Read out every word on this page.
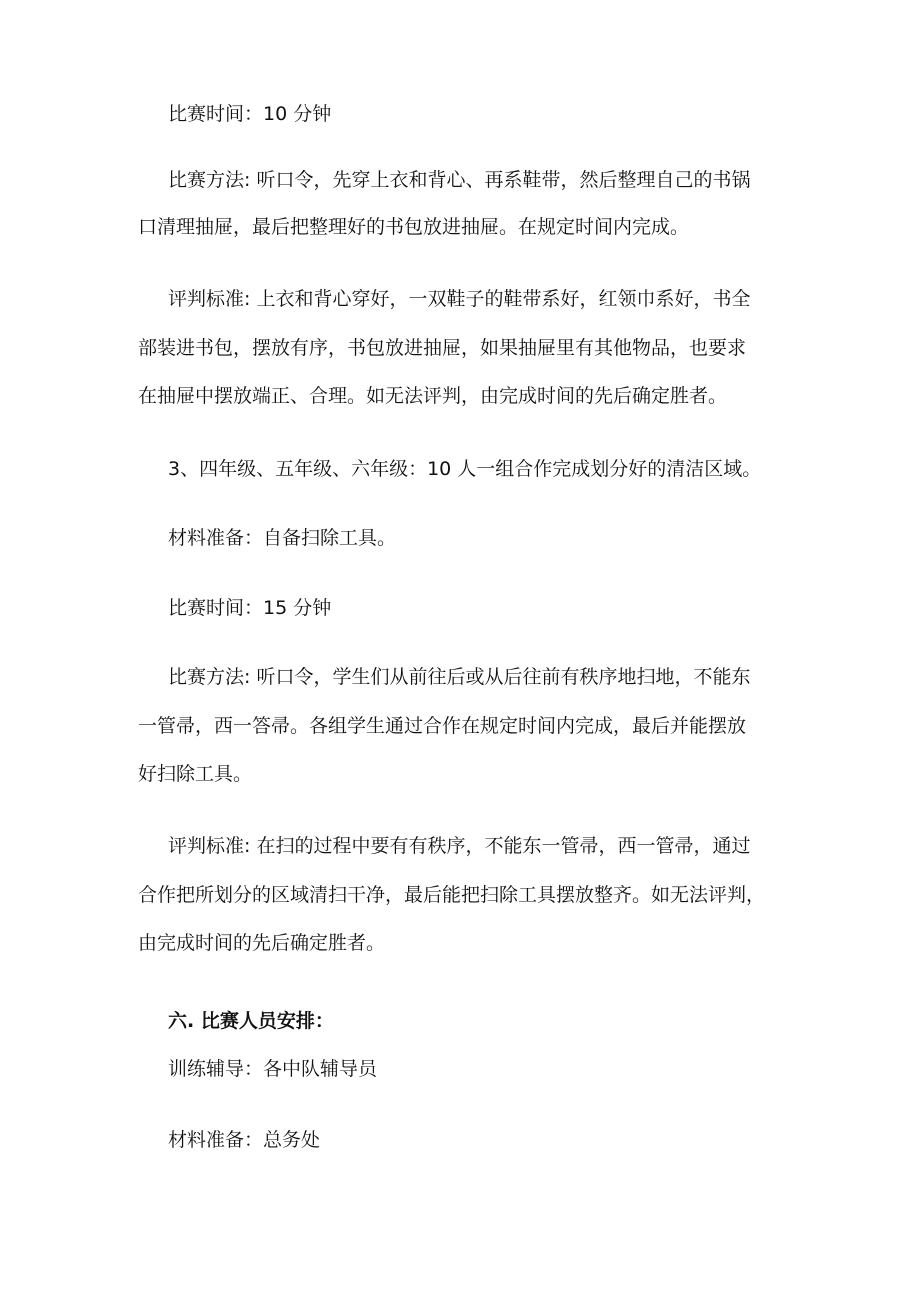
比赛时间：10 分钟
比赛方法: 听口令，先穿上衣和背心、再系鞋带，然后整理自己的书锅
口清理抽屉，最后把整理好的书包放进抽屉。在规定时间内完成。
评判标准: 上衣和背心穿好，一双鞋子的鞋带系好，红领巾系好，书全
部装进书包，摆放有序，书包放进抽屉，如果抽屉里有其他物品，也要求
在抽屉中摆放端正、合理。如无法评判，由完成时间的先后确定胜者。
3、四年级、五年级、六年级：10 人一组合作完成划分好的清洁区域。
材料准备：自备扫除工具。
比赛时间：15 分钟
比赛方法: 听口令，学生们从前往后或从后往前有秩序地扫地，不能东
一管帚，西一答帚。各组学生通过合作在规定时间内完成，最后并能摆放
好扫除工具。
评判标准: 在扫的过程中要有有秩序，不能东一管帚，西一管帚，通过
合作把所划分的区域清扫干净，最后能把扫除工具摆放整齐。如无法评判，
由完成时间的先后确定胜者。
六. 比赛人员安排：
训练辅导：各中队辅导员
材料准备：总务处
